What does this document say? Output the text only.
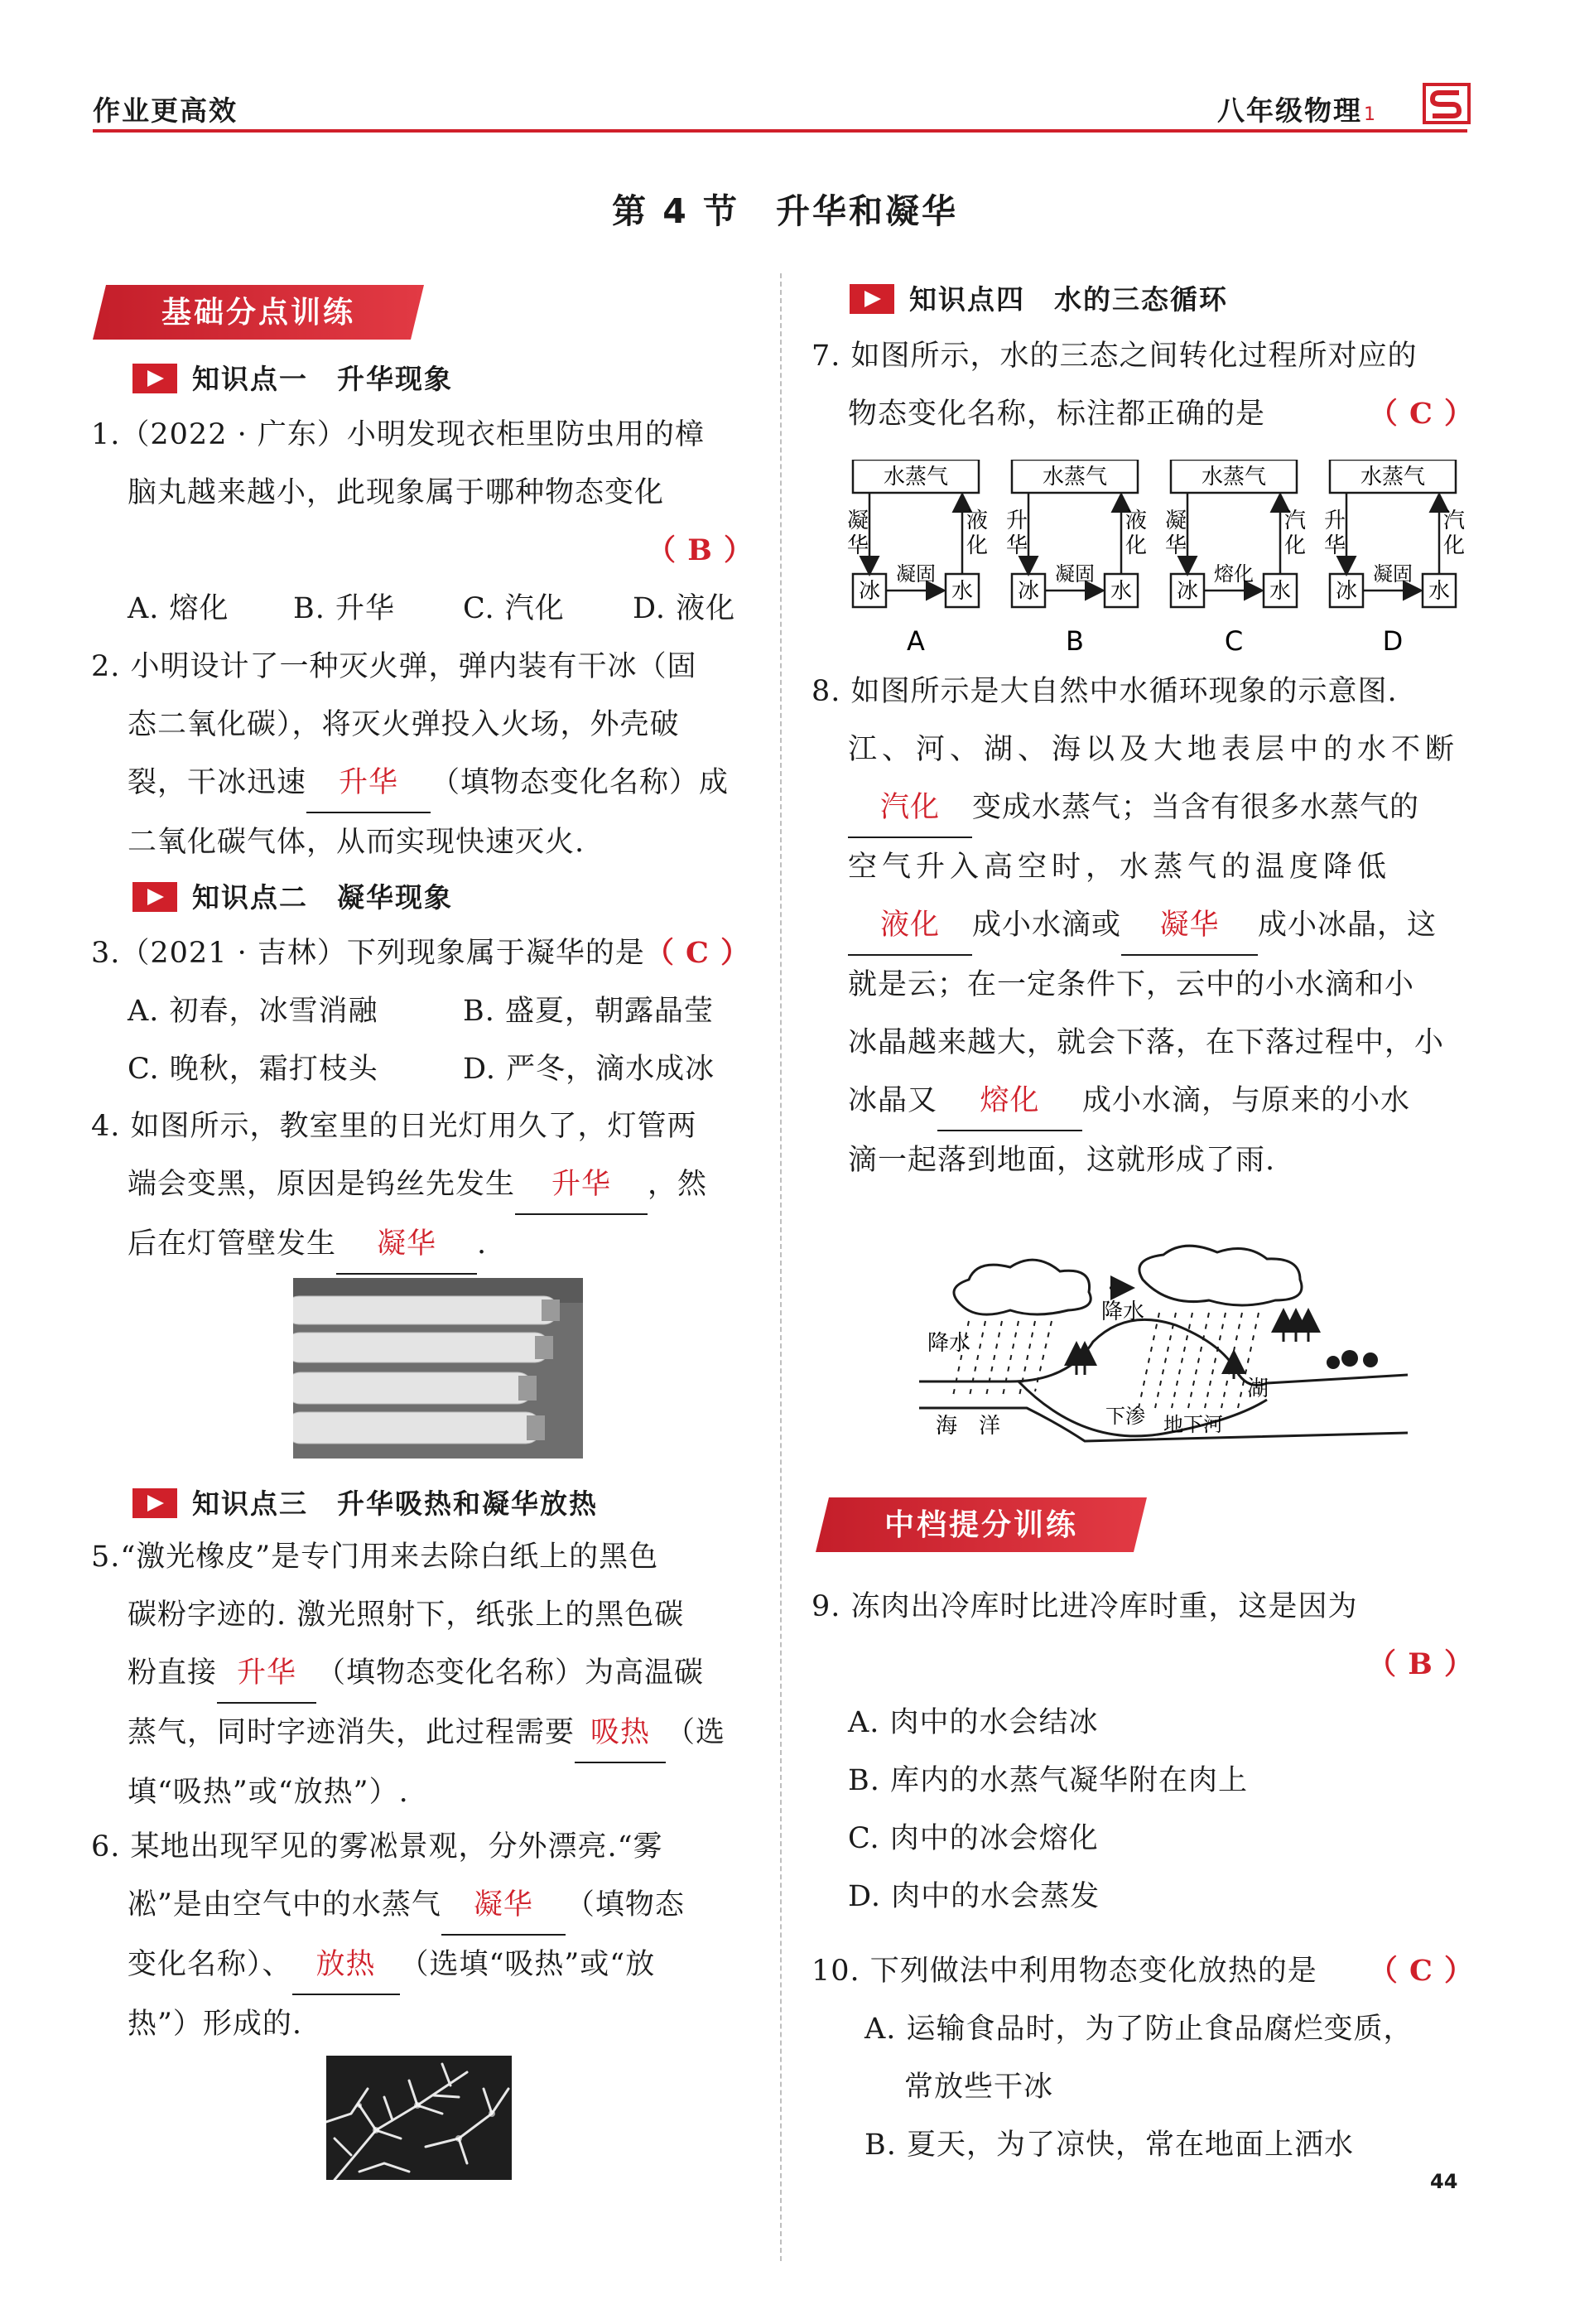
作业更高效	八年级物理1
第 4 节　升华和凝华
基础分点训练
知识点一　升华现象

1.（2022 · 广东）小明发现衣柜里防虫用的樟

脑丸越来越小，此现象属于哪种物态变化

（ B ）

A. 熔化 B. 升华 C. 汽化 D. 液化

2. 小明设计了一种灭火弹，弹内装有干冰（固

态二氧化碳），将灭火弹投入火场，外壳破

裂，干冰迅速 升华 （填物态变化名称）成

二氧化碳气体，从而实现快速灭火.

知识点二　凝华现象

3.（2021 · 吉林）下列现象属于凝华的是（ C ）

A. 初春，冰雪消融	B. 盛夏，朝露晶莹

C. 晚秋，霜打枝头	D. 严冬，滴水成冰

4. 如图所示，教室里的日光灯用久了，灯管两

端会变黑，原因是钨丝先发生 升华 ，然

后在灯管壁发生 凝华 .

知识点三　升华吸热和凝华放热

5.“激光橡皮”是专门用来去除白纸上的黑色

碳粉字迹的. 激光照射下，纸张上的黑色碳

粉直接 升华 （填物态变化名称）为高温碳

蒸气，同时字迹消失，此过程需要 吸热 （选

填“吸热”或“放热”）.

6. 某地出现罕见的雾凇景观，分外漂亮.“雾

凇”是由空气中的水蒸气 凝华 （填物态

变化名称）、 放热 （选填“吸热”或“放

热”）形成的.

知识点四　水的三态循环

7. 如图所示，水的三态之间转化过程所对应的

物态变化名称，标注都正确的是	（ C ）

水蒸气
冰	水
凝华
液化
凝固
A
水蒸气
冰	水
升华
液化
凝固
B
水蒸气
冰	水
凝华
汽化
熔化
C
水蒸气
冰	水
升华
汽化
凝固
D

8. 如图所示是大自然中水循环现象的示意图.

江、河、湖、海以及大地表层中的水不断

汽化 变成水蒸气；当含有很多水蒸气的

空气升入高空时，水蒸气的温度降低

液化 成小水滴或 凝华 成小冰晶，这

就是云；在一定条件下，云中的小水滴和小

冰晶越来越大，就会下落，在下落过程中，小

冰晶又 熔化 成小水滴，与原来的小水

滴一起落到地面，这就形成了雨.

降水
降水
湖
海　洋	下渗 地下河
中档提分训练

9. 冻肉出冷库时比进冷库时重，这是因为

（ B ）

A. 肉中的水会结冰

B. 库内的水蒸气凝华附在肉上

C. 肉中的冰会熔化

D. 肉中的水会蒸发

10. 下列做法中利用物态变化放热的是 （ C ）

A. 运输食品时，为了防止食品腐烂变质，

常放些干冰

B. 夏天，为了凉快，常在地面上洒水

44
